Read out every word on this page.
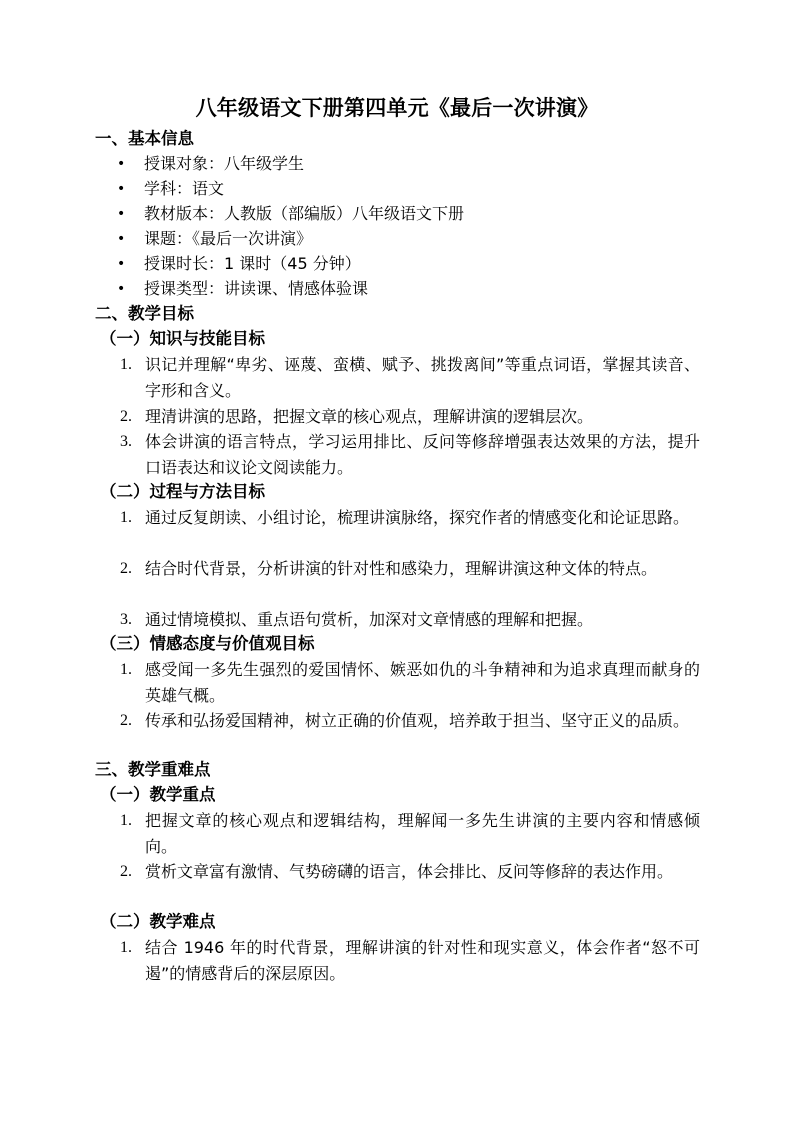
八年级语文下册第四单元《最后一次讲演》
一、基本信息
• 授课对象：八年级学生
• 学科：语文
• 教材版本：人教版（部编版）八年级语文下册
• 课题：《最后一次讲演》
• 授课时长：1 课时（45 分钟）
• 授课类型：讲读课、情感体验课
二、教学目标
（一）知识与技能目标
1. 识记并理解“卑劣、诬蔑、蛮横、赋予、挑拨离间”等重点词语，掌握其读音、字形和含义。
2. 理清讲演的思路，把握文章的核心观点，理解讲演的逻辑层次。
3. 体会讲演的语言特点，学习运用排比、反问等修辞增强表达效果的方法，提升口语表达和议论文阅读能力。
（二）过程与方法目标
1. 通过反复朗读、小组讨论，梳理讲演脉络，探究作者的情感变化和论证思路。
2. 结合时代背景，分析讲演的针对性和感染力，理解讲演这种文体的特点。
3. 通过情境模拟、重点语句赏析，加深对文章情感的理解和把握。
（三）情感态度与价值观目标
1. 感受闻一多先生强烈的爱国情怀、嫉恶如仇的斗争精神和为追求真理而献身的英雄气概。
2. 传承和弘扬爱国精神，树立正确的价值观，培养敢于担当、坚守正义的品质。
三、教学重难点
（一）教学重点
1. 把握文章的核心观点和逻辑结构，理解闻一多先生讲演的主要内容和情感倾向。
2. 赏析文章富有激情、气势磅礴的语言，体会排比、反问等修辞的表达作用。
（二）教学难点
1. 结合 1946 年的时代背景，理解讲演的针对性和现实意义，体会作者“怒不可遏”的情感背后的深层原因。
